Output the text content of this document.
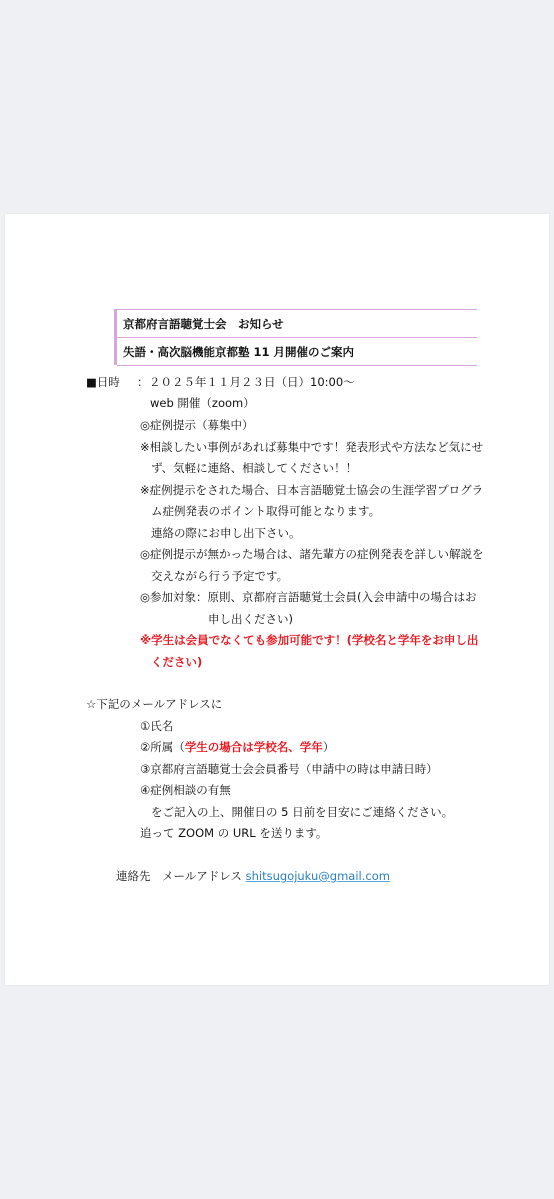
京都府言語聴覚士会　お知らせ
失語・高次脳機能京都塾 11 月開催のご案内
■日時 ： ２０２５年１１月２３日（日）10:00～
web 開催（zoom）
◎症例提示（募集中）
※相談したい事例があれば募集中です！発表形式や方法など気にせ
ず、気軽に連絡、相談してください！！
※症例提示をされた場合、日本言語聴覚士協会の生涯学習プログラ
ム症例発表のポイント取得可能となります。
連絡の際にお申し出下さい。
◎症例提示が無かった場合は、諸先輩方の症例発表を詳しい解説を
交えながら行う予定です。
◎参加対象：原則、京都府言語聴覚士会員(入会申請中の場合はお
申し出ください)
※学生は会員でなくても参加可能です！(学校名と学年をお申し出
ください)
☆下記のメールアドレスに
①氏名
②所属（学生の場合は学校名、学年）
③京都府言語聴覚士会会員番号（申請中の時は申請日時）
④症例相談の有無
をご記入の上、開催日の 5 日前を目安にご連絡ください。
追って ZOOM の URL を送ります。
連絡先　メールアドレス shitsugojuku@gmail.com
